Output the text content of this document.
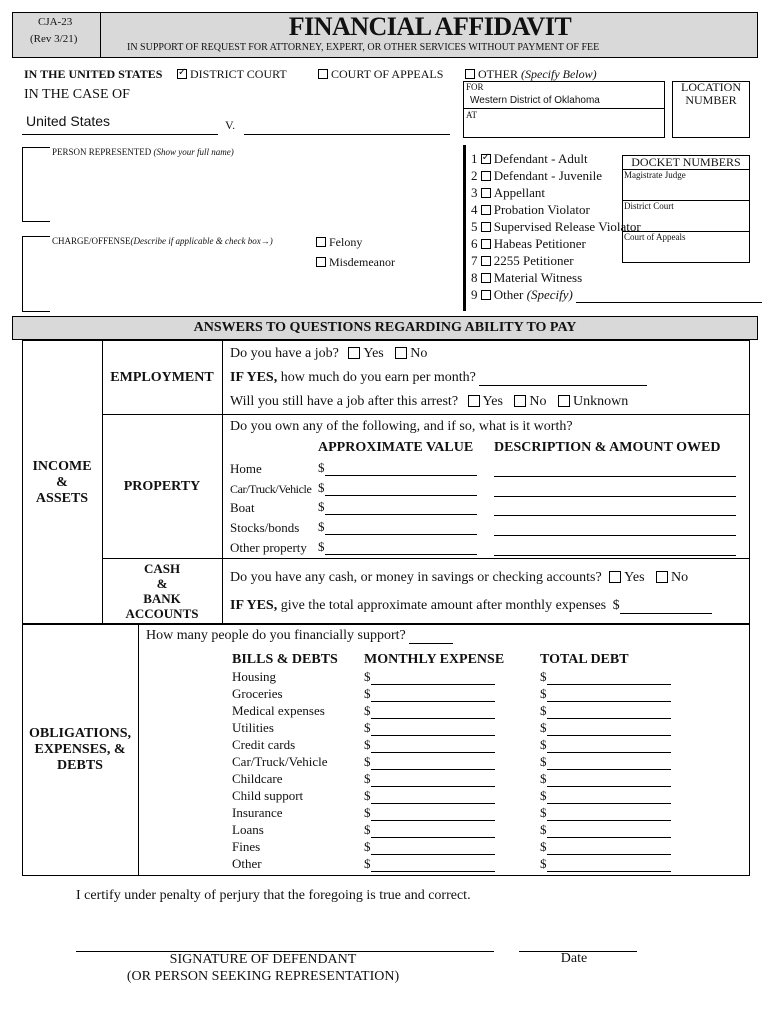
CJA-23
(Rev 3/21)	FINANCIAL AFFIDAVIT
IN SUPPORT OF REQUEST FOR ATTORNEY, EXPERT, OR OTHER SERVICES WITHOUT PAYMENT OF FEE
IN THE UNITED STATES ✓	DISTRICT COURT	COURT OF APPEALS	OTHER (Specify Below)
IN THE CASE OF
United States	V.
FOR
Western District of Oklahoma
AT
LOCATION NUMBER
PERSON REPRESENTED (Show your full name)
CHARGE/OFFENSE(Describe if applicable & check box→)	Felony
Misdemeanor
1 ✓ Defendant - Adult
2 Defendant - Juvenile
3 Appellant
4 Probation Violator
5 Supervised Release Violator
6 Habeas Petitioner
7 2255 Petitioner
8 Material Witness
9 Other (Specify)
DOCKET NUMBERS
Magistrate Judge
District Court
Court of Appeals
ANSWERS TO QUESTIONS REGARDING ABILITY TO PAY
INCOME
&
ASSETS
EMPLOYMENT
Do you have a job? Yes No
IF YES, how much do you earn per month?
Will you still have a job after this arrest? Yes No Unknown
PROPERTY
Do you own any of the following, and if so, what is it worth?
APPROXIMATE VALUE DESCRIPTION & AMOUNT OWED
Home	$
Car/Truck/Vehicle $
Boat	$
Stocks/bonds $
Other property $
CASH
&
BANK
ACCOUNTS
Do you have any cash, or money in savings or checking accounts? Yes No
IF YES, give the total approximate amount after monthly expenses $
OBLIGATIONS,
EXPENSES, &
DEBTS
How many people do you financially support?
BILLS & DEBTS MONTHLY EXPENSE	TOTAL DEBT
Housing	$	$
Groceries	$	$
Medical expenses	$	$
Utilities	$	$
Credit cards	$	$
Car/Truck/Vehicle	$	$
Childcare	$	$
Child support	$	$
Insurance	$	$
Loans	$	$
Fines	$	$
Other	$	$
I certify under penalty of perjury that the foregoing is true and correct.
SIGNATURE OF DEFENDANT
(OR PERSON SEEKING REPRESENTATION)
Date
